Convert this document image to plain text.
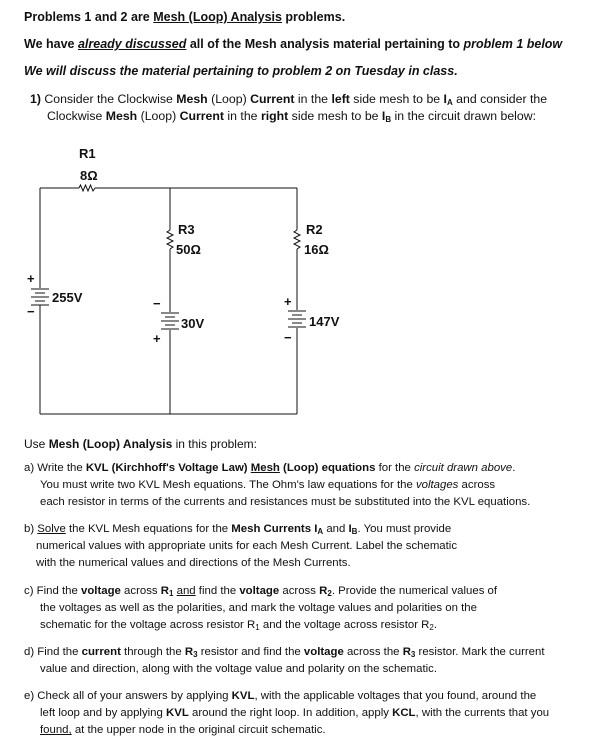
Problems 1 and 2 are Mesh (Loop) Analysis problems.
We have already discussed all of the Mesh analysis material pertaining to problem 1 below
We will discuss the material pertaining to problem 2 on Tuesday in class.
1) Consider the Clockwise Mesh (Loop) Current in the left side mesh to be $I_A$ and consider the
Clockwise Mesh (Loop) Current in the right side mesh to be $I_B$ in the circuit drawn below:
R1
8Ω
R3
50Ω
R2
16Ω
255V
30V	147V
+
−
−
+
+
−
Use Mesh (Loop) Analysis in this problem:
a) Write the KVL (Kirchhoff's Voltage Law) Mesh (Loop) equations for the circuit drawn above.
You must write two KVL Mesh equations. The Ohm's law equations for the voltages across
each resistor in terms of the currents and resistances must be substituted into the KVL equations.
b) Solve the KVL Mesh equations for the Mesh Currents $I_A$ and $I_B$. You must provide
numerical values with appropriate units for each Mesh Current. Label the schematic
with the numerical values and directions of the Mesh Currents.
c) Find the voltage across $R_1$ and find the voltage across $R_2$. Provide the numerical values of
the voltages as well as the polarities, and mark the voltage values and polarities on the
schematic for the voltage across resistor $R_1$ and the voltage across resistor $R_2$.
d) Find the current through the $R_3$ resistor and find the voltage across the $R_3$ resistor. Mark the current
value and direction, along with the voltage value and polarity on the schematic.
e) Check all of your answers by applying KVL, with the applicable voltages that you found, around the
left loop and by applying KVL around the right loop. In addition, apply KCL, with the currents that you
found, at the upper node in the original circuit schematic.
